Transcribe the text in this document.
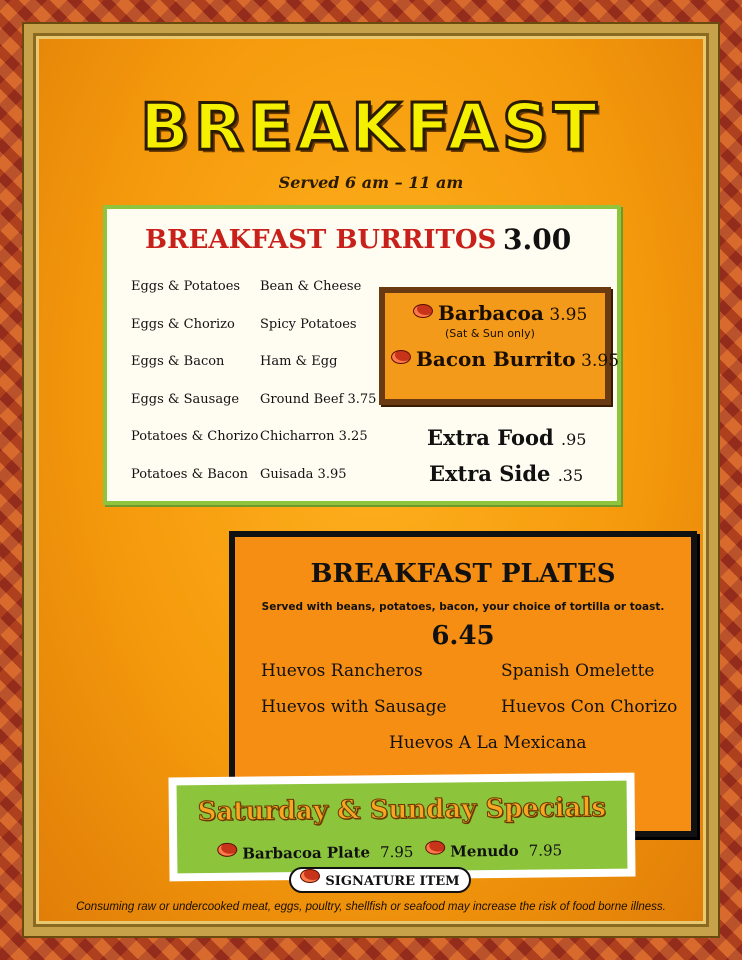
BREAKFAST
Served 6 am – 11 am
BREAKFAST BURRITOS 3.00
Eggs & Potatoes
Eggs & Chorizo
Eggs & Bacon
Eggs & Sausage
Potatoes & Chorizo
Potatoes & Bacon
Bean & Cheese
Spicy Potatoes
Ham & Egg
Ground Beef 3.75
Chicharron 3.25
Guisada 3.95
Barbacoa 3.95
(Sat & Sun only)
Bacon Burrito 3.95
Extra Food .95
Extra Side .35
BREAKFAST PLATES
Served with beans, potatoes, bacon, your choice of tortilla or toast.
6.45
Huevos Rancheros	Spanish Omelette
Huevos with Sausage	Huevos Con Chorizo
Huevos A La Mexicana
Saturday & Sunday Specials
Barbacoa Plate 7.95	Menudo 7.95
SIGNATURE ITEM
Consuming raw or undercooked meat, eggs, poultry, shellfish or seafood may increase the risk of food borne illness.
